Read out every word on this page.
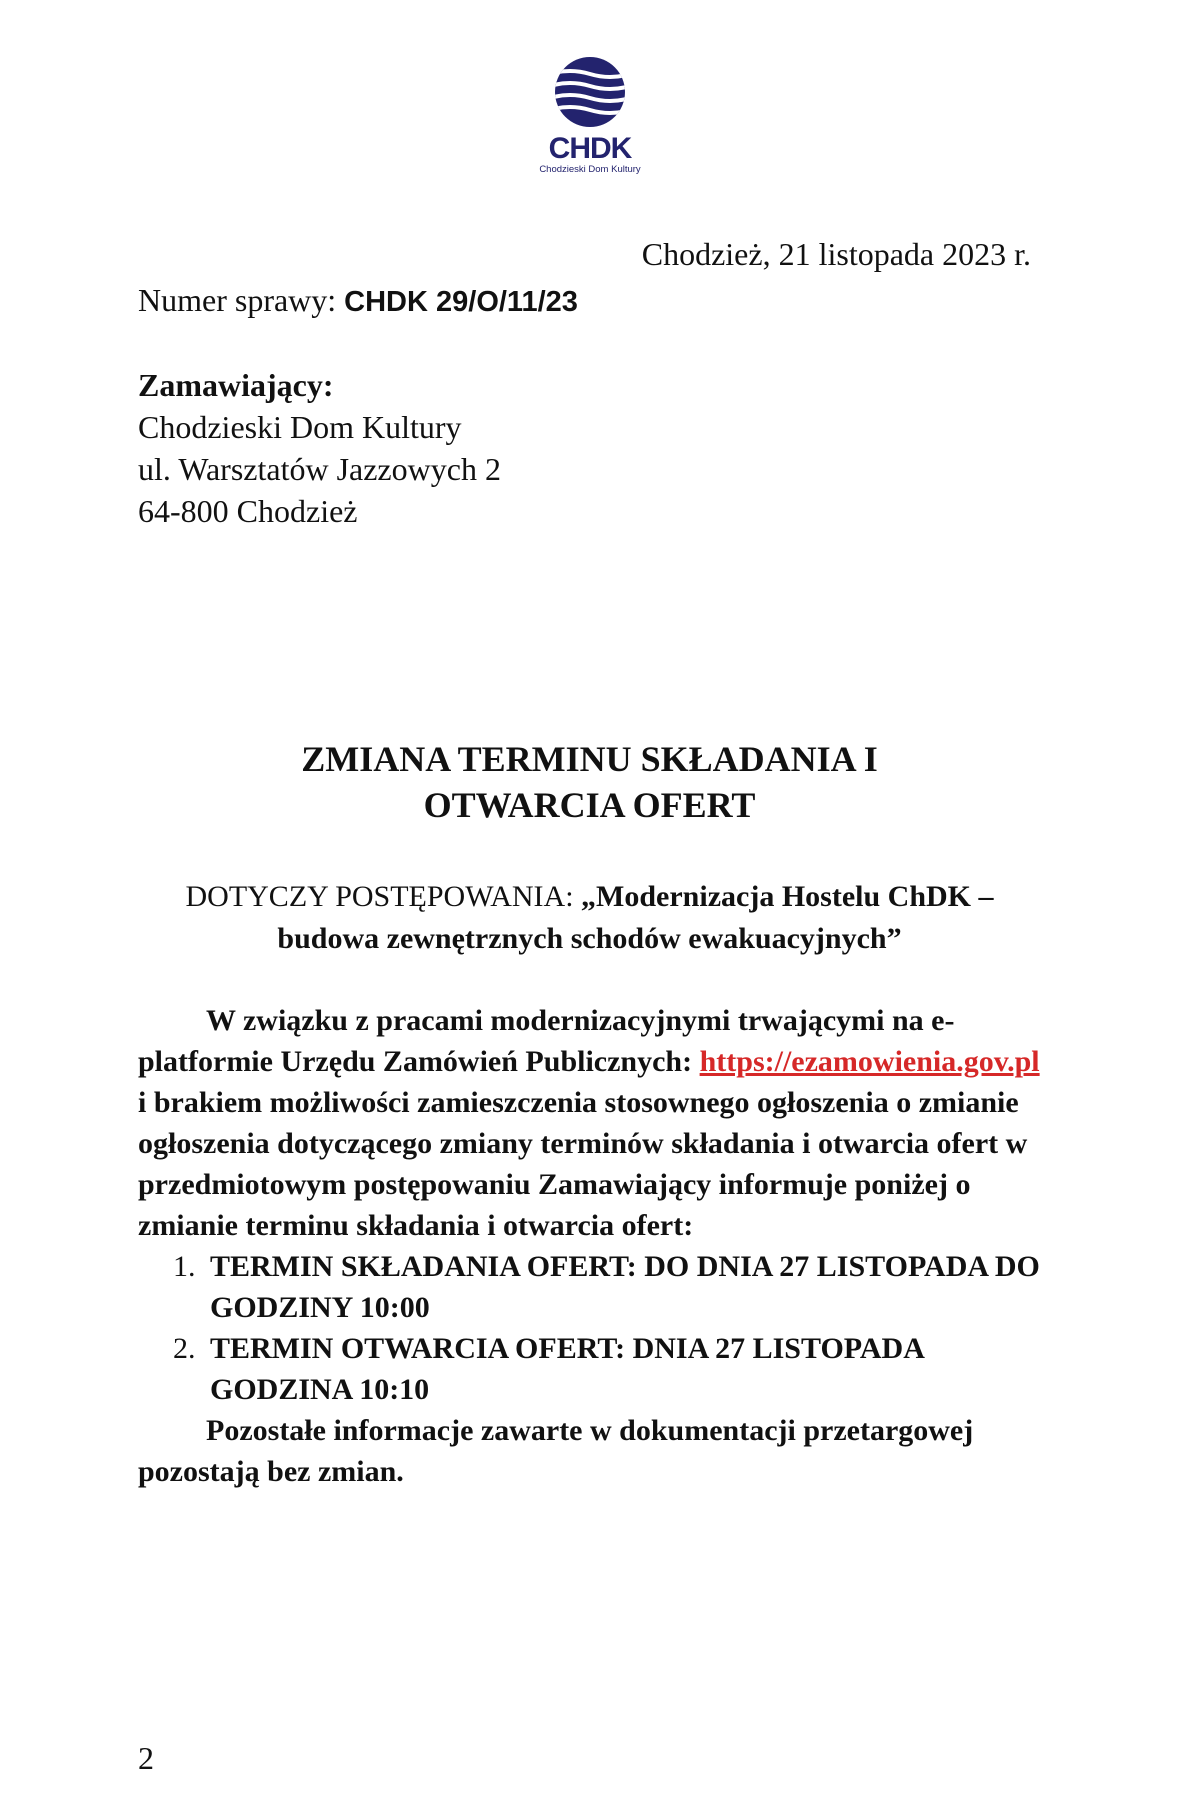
CHDK
Chodzieski Dom Kultury
Chodzież, 21 listopada 2023 r.
Numer sprawy: CHDK 29/O/11/23
Zamawiający:
Chodzieski Dom Kultury
ul. Warsztatów Jazzowych 2
64-800 Chodzież
ZMIANA TERMINU SKŁADANIA I
OTWARCIA OFERT
DOTYCZY POSTĘPOWANIA: „Modernizacja Hostelu ChDK – budowa zewnętrznych schodów ewakuacyjnych”

W związku z pracami modernizacyjnymi trwającymi na e-platformie Urzędu Zamówień Publicznych: https://ezamowienia.gov.pl i brakiem możliwości zamieszczenia stosownego ogłoszenia o zmianie ogłoszenia dotyczącego zmiany terminów składania i otwarcia ofert w przedmiotowym postępowaniu Zamawiający informuje poniżej o zmianie terminu składania i otwarcia ofert:

1. TERMIN SKŁADANIA OFERT: DO DNIA 27 LISTOPADA DO GODZINY 10:00
2. TERMIN OTWARCIA OFERT: DNIA 27 LISTOPADA GODZINA 10:10

Pozostałe informacje zawarte w dokumentacji przetargowej pozostają bez zmian.

2
